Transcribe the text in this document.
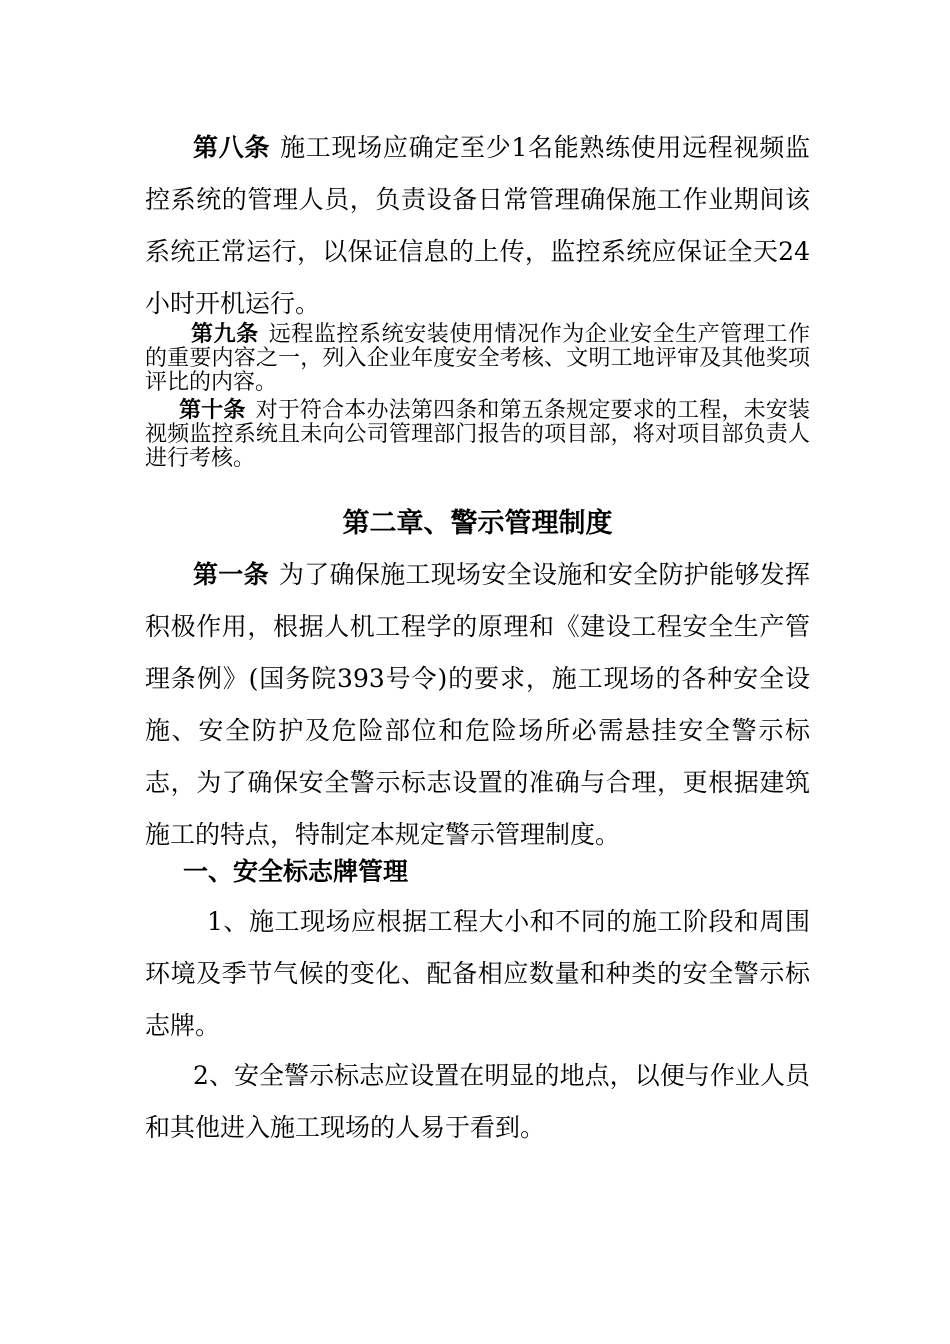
第八条 施工现场应确定至少1名能熟练使用远程视频监控系统的管理人员，负责设备日常管理确保施工作业期间该系统正常运行，以保证信息的上传，监控系统应保证全天24小时开机运行。

第九条 远程监控系统安装使用情况作为企业安全生产管理工作的重要内容之一，列入企业年度安全考核、文明工地评审及其他奖项评比的内容。

第十条 对于符合本办法第四条和第五条规定要求的工程，未安装视频监控系统且未向公司管理部门报告的项目部，将对项目部负责人进行考核。

第二章、警示管理制度

第一条 为了确保施工现场安全设施和安全防护能够发挥积极作用，根据人机工程学的原理和《建设工程安全生产管理条例》(国务院393号令)的要求，施工现场的各种安全设施、安全防护及危险部位和危险场所必需悬挂安全警示标志，为了确保安全警示标志设置的准确与合理，更根据建筑施工的特点，特制定本规定警示管理制度。

一、安全标志牌管理

1、施工现场应根据工程大小和不同的施工阶段和周围环境及季节气候的变化、配备相应数量和种类的安全警示标志牌。

2、安全警示标志应设置在明显的地点，以便与作业人员和其他进入施工现场的人易于看到。
